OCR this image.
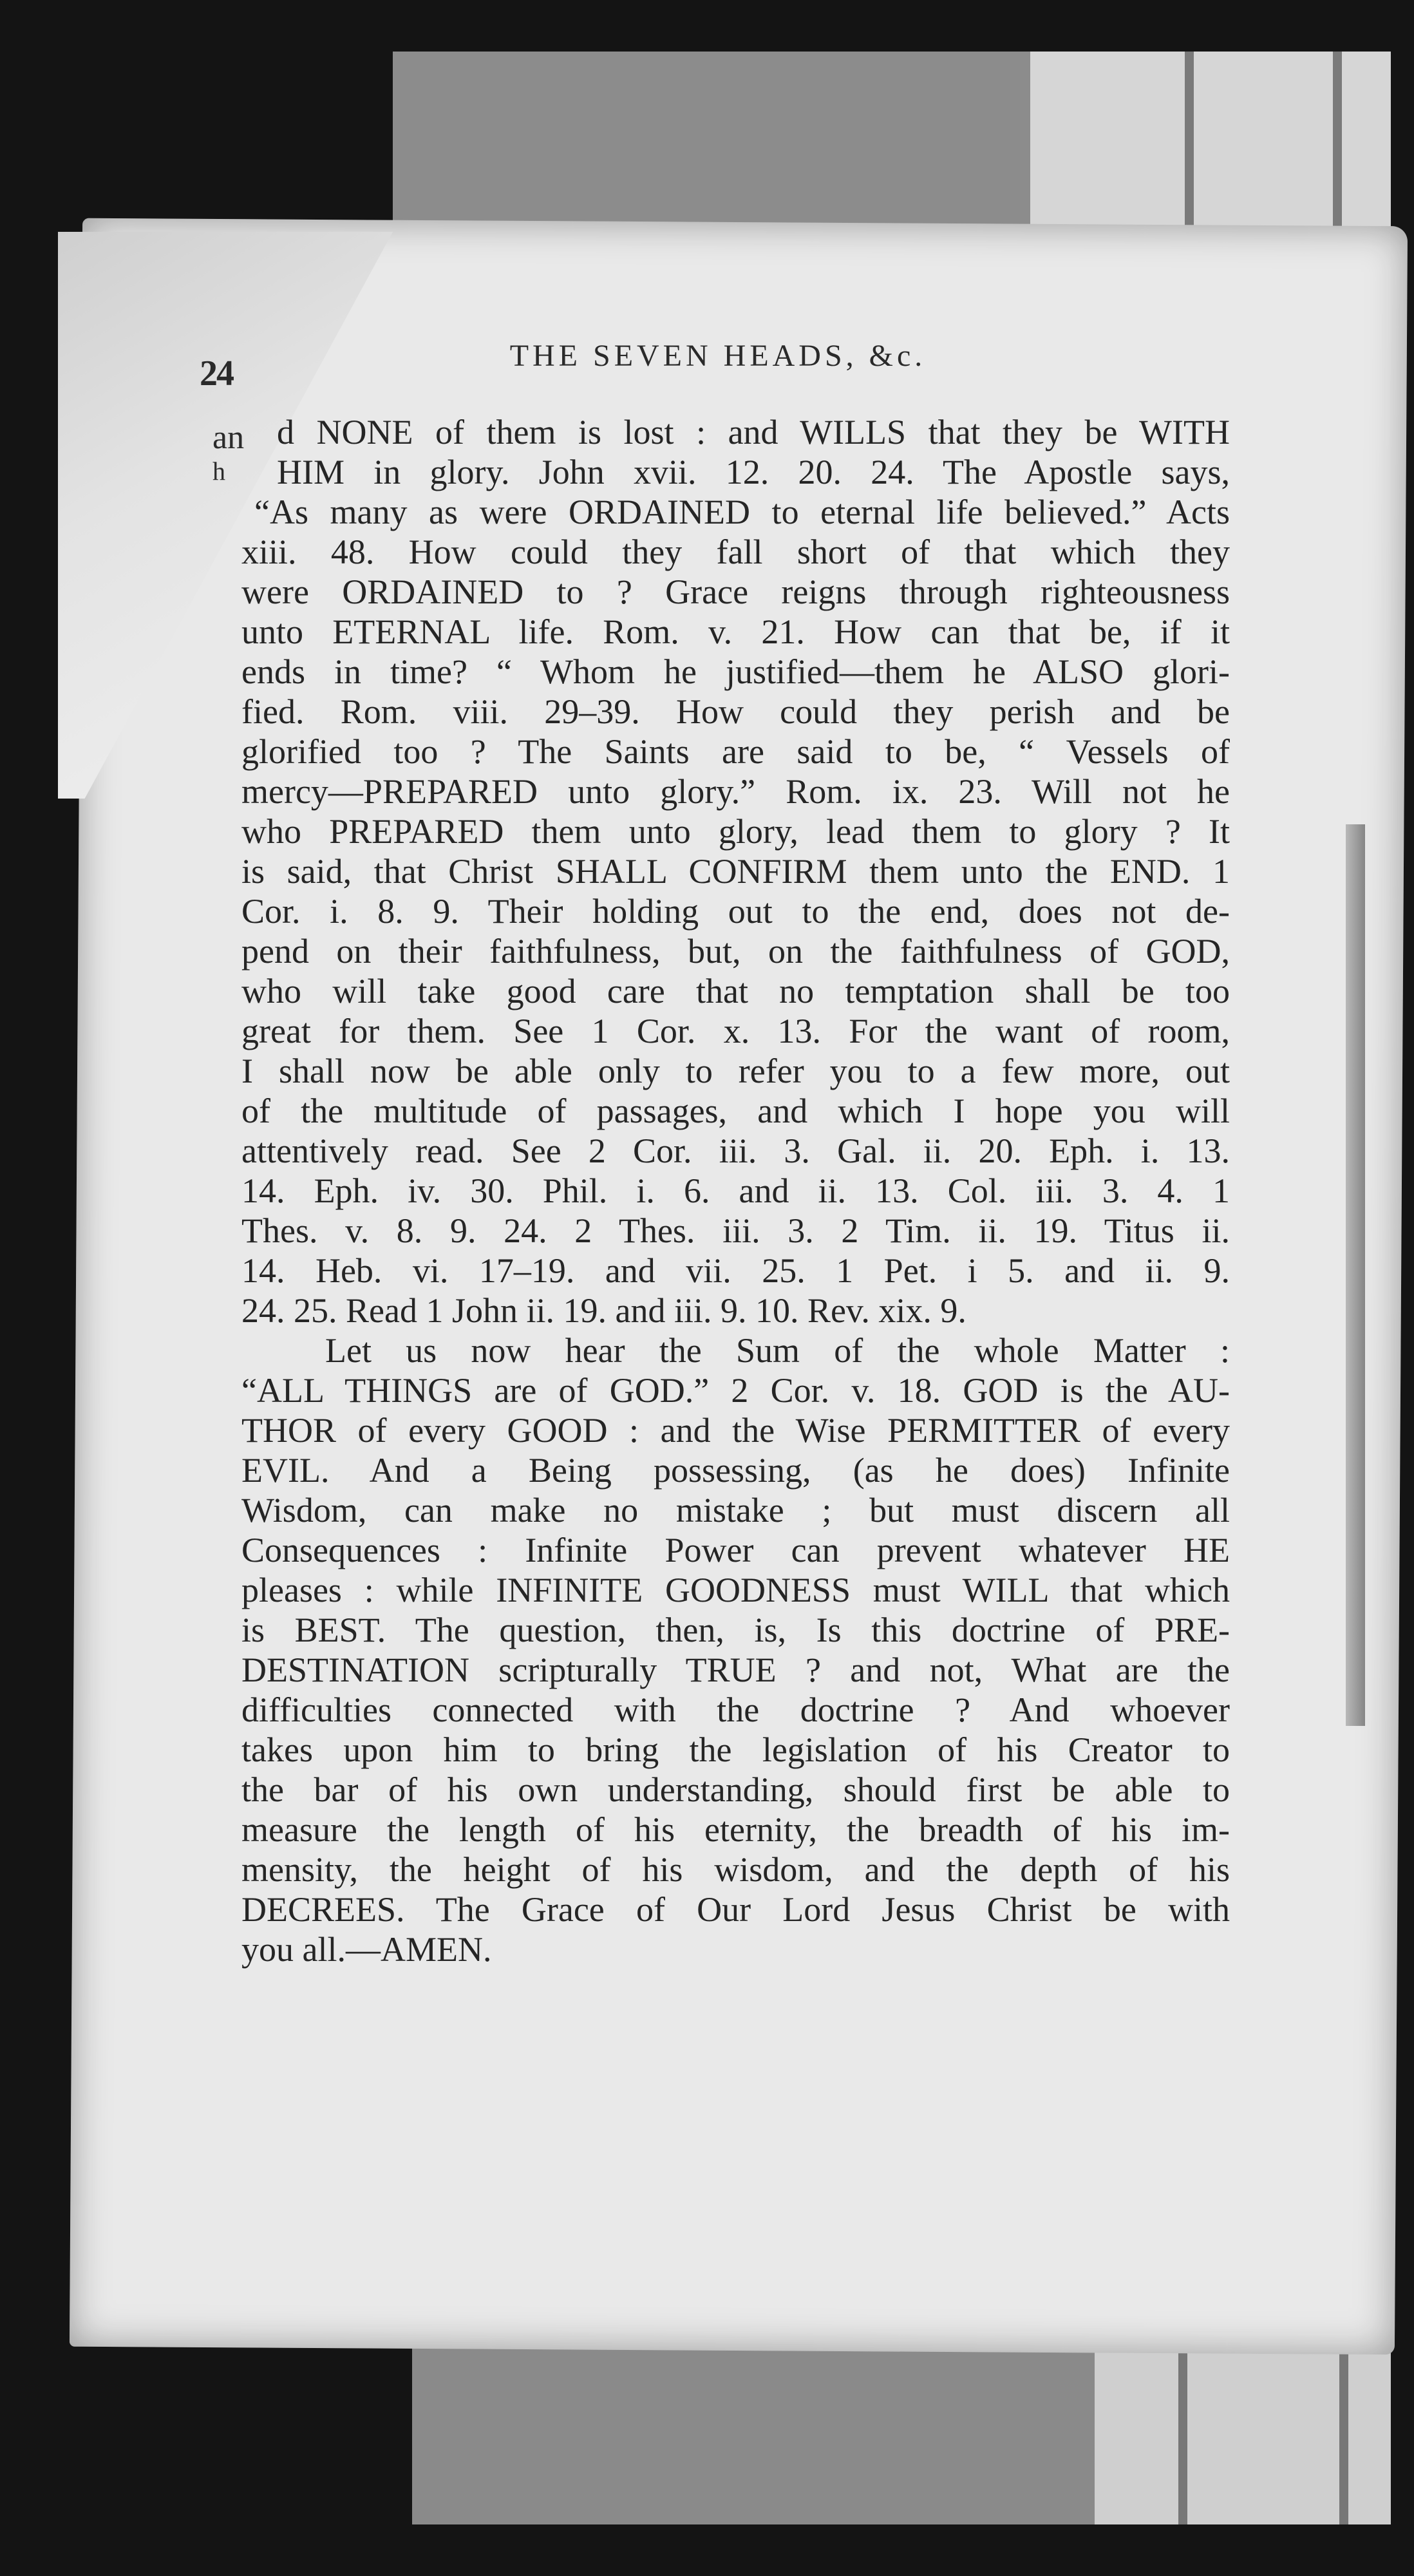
24	THE SEVEN HEADS, &c.
an
h
d NONE of them is lost : and WILLS that they be WITH
HIM in glory. John xvii. 12. 20. 24. The Apostle says,
“As many as were ORDAINED to eternal life believed.” Acts
xiii. 48. How could they fall short of that which they
were ORDAINED to ? Grace reigns through righteousness
unto ETERNAL life. Rom. v. 21. How can that be, if it
ends in time? “ Whom he justified—them he ALSO glori-
fied. Rom. viii. 29–39. How could they perish and be
glorified too ? The Saints are said to be, “ Vessels of
mercy—PREPARED unto glory.” Rom. ix. 23. Will not he
who PREPARED them unto glory, lead them to glory ? It
is said, that Christ SHALL CONFIRM them unto the END. 1
Cor. i. 8. 9. Their holding out to the end, does not de-
pend on their faithfulness, but, on the faithfulness of GOD,
who will take good care that no temptation shall be too
great for them. See 1 Cor. x. 13. For the want of room,
I shall now be able only to refer you to a few more, out
of the multitude of passages, and which I hope you will
attentively read. See 2 Cor. iii. 3. Gal. ii. 20. Eph. i. 13.
14. Eph. iv. 30. Phil. i. 6. and ii. 13. Col. iii. 3. 4. 1
Thes. v. 8. 9. 24. 2 Thes. iii. 3. 2 Tim. ii. 19. Titus ii.
14. Heb. vi. 17–19. and vii. 25. 1 Pet. i 5. and ii. 9.
24. 25. Read 1 John ii. 19. and iii. 9. 10. Rev. xix. 9.
Let us now hear the Sum of the whole Matter :
“ALL THINGS are of GOD.” 2 Cor. v. 18. GOD is the AU-
THOR of every GOOD : and the Wise PERMITTER of every
EVIL. And a Being possessing, (as he does) Infinite
Wisdom, can make no mistake ; but must discern all
Consequences : Infinite Power can prevent whatever HE
pleases : while INFINITE GOODNESS must WILL that which
is BEST. The question, then, is, Is this doctrine of PRE-
DESTINATION scripturally TRUE ? and not, What are the
difficulties connected with the doctrine ? And whoever
takes upon him to bring the legislation of his Creator to
the bar of his own understanding, should first be able to
measure the length of his eternity, the breadth of his im-
mensity, the height of his wisdom, and the depth of his
DECREES. The Grace of Our Lord Jesus Christ be with
you all.—AMEN.
